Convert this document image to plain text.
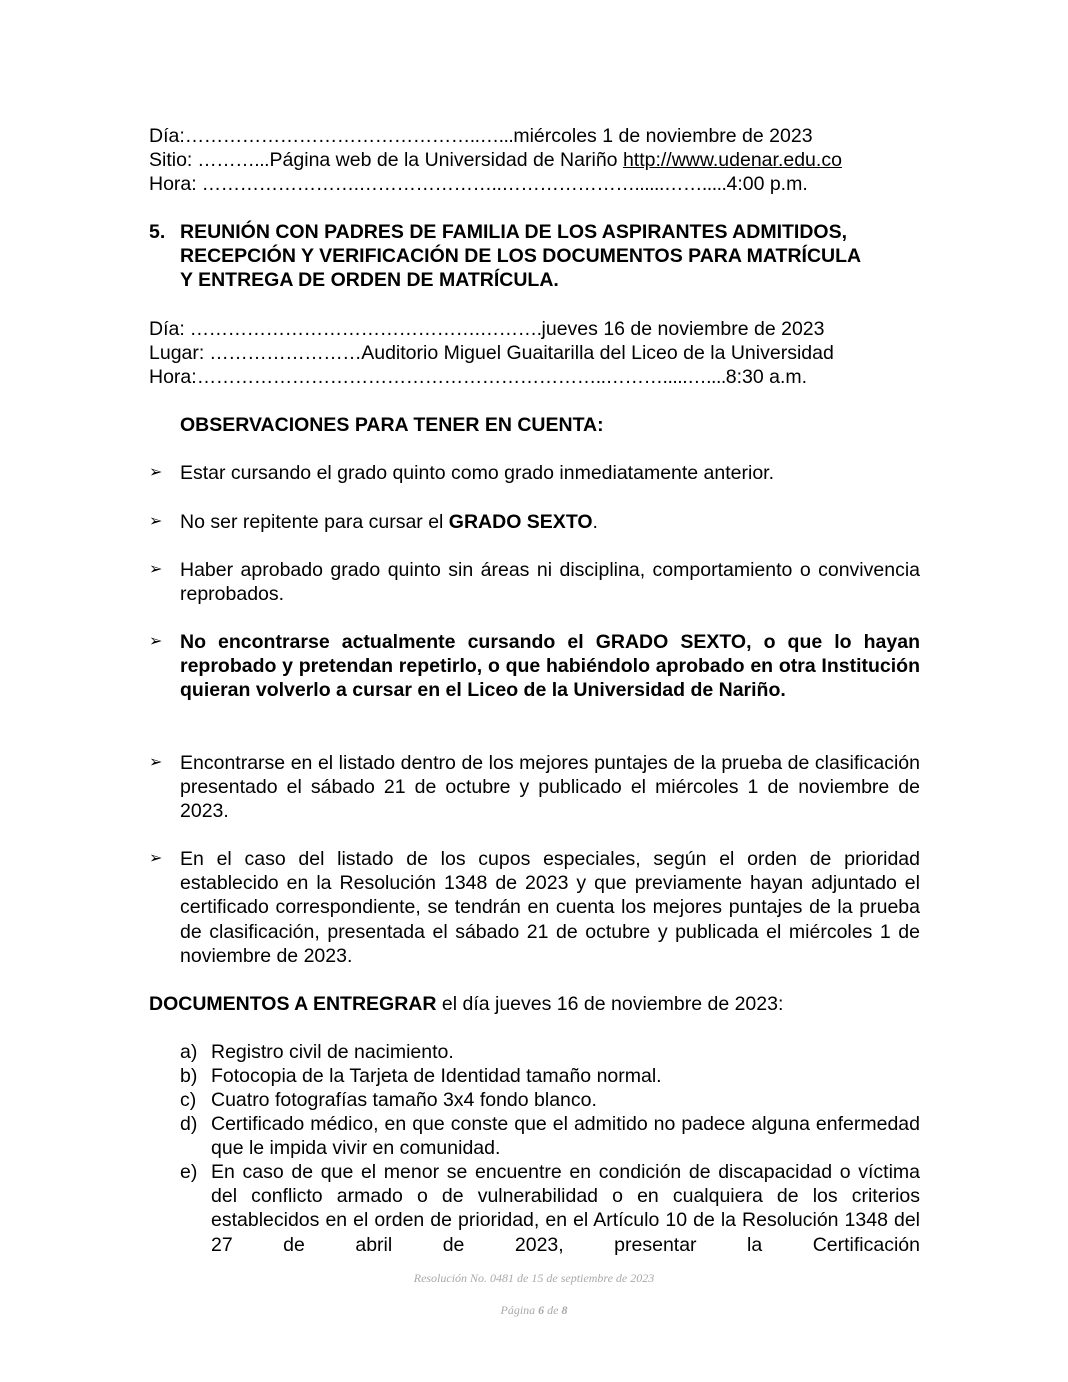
Día:………………………………………..…...miércoles 1 de noviembre de 2023
Sitio: ………...Página web de la Universidad de Nariño http://www.udenar.edu.co
Hora: …………………….…………………..…………………......…….....4:00 p.m.
5. REUNIÓN CON PADRES DE FAMILIA DE LOS ASPIRANTES ADMITIDOS,
RECEPCIÓN Y VERIFICACIÓN DE LOS DOCUMENTOS PARA MATRÍCULA
Y ENTREGA DE ORDEN DE MATRÍCULA.
Día: ……………………………………….……….jueves 16 de noviembre de 2023
Lugar: ……………………Auditorio Miguel Guaitarilla del Liceo de la Universidad
Hora:………………………………………………………..……….....…....8:30 a.m.
OBSERVACIONES PARA TENER EN CUENTA:
➢ Estar cursando el grado quinto como grado inmediatamente anterior.
➢ No ser repitente para cursar el GRADO SEXTO.
➢ Haber aprobado grado quinto sin áreas ni disciplina, comportamiento o convivencia reprobados.
➢ No encontrarse actualmente cursando el GRADO SEXTO, o que lo hayan reprobado y pretendan repetirlo, o que habiéndolo aprobado en otra Institución quieran volverlo a cursar en el Liceo de la Universidad de Nariño.
➢ Encontrarse en el listado dentro de los mejores puntajes de la prueba de clasificación presentado el sábado 21 de octubre y publicado el miércoles 1 de noviembre de 2023.
➢ En el caso del listado de los cupos especiales, según el orden de prioridad establecido en la Resolución 1348 de 2023 y que previamente hayan adjuntado el certificado correspondiente, se tendrán en cuenta los mejores puntajes de la prueba de clasificación, presentada el sábado 21 de octubre y publicada el miércoles 1 de noviembre de 2023.
DOCUMENTOS A ENTREGRAR el día jueves 16 de noviembre de 2023:
a) Registro civil de nacimiento.
b) Fotocopia de la Tarjeta de Identidad tamaño normal.
c) Cuatro fotografías tamaño 3x4 fondo blanco.
d) Certificado médico, en que conste que el admitido no padece alguna enfermedad que le impida vivir en comunidad.
e) En caso de que el menor se encuentre en condición de discapacidad o víctima del conflicto armado o de vulnerabilidad o en cualquiera de los criterios establecidos en el orden de prioridad, en el Artículo 10 de la Resolución 1348 del 27 de abril de 2023, presentar la Certificación
Resolución No. 0481 de 15 de septiembre de 2023
Página 6 de 8
